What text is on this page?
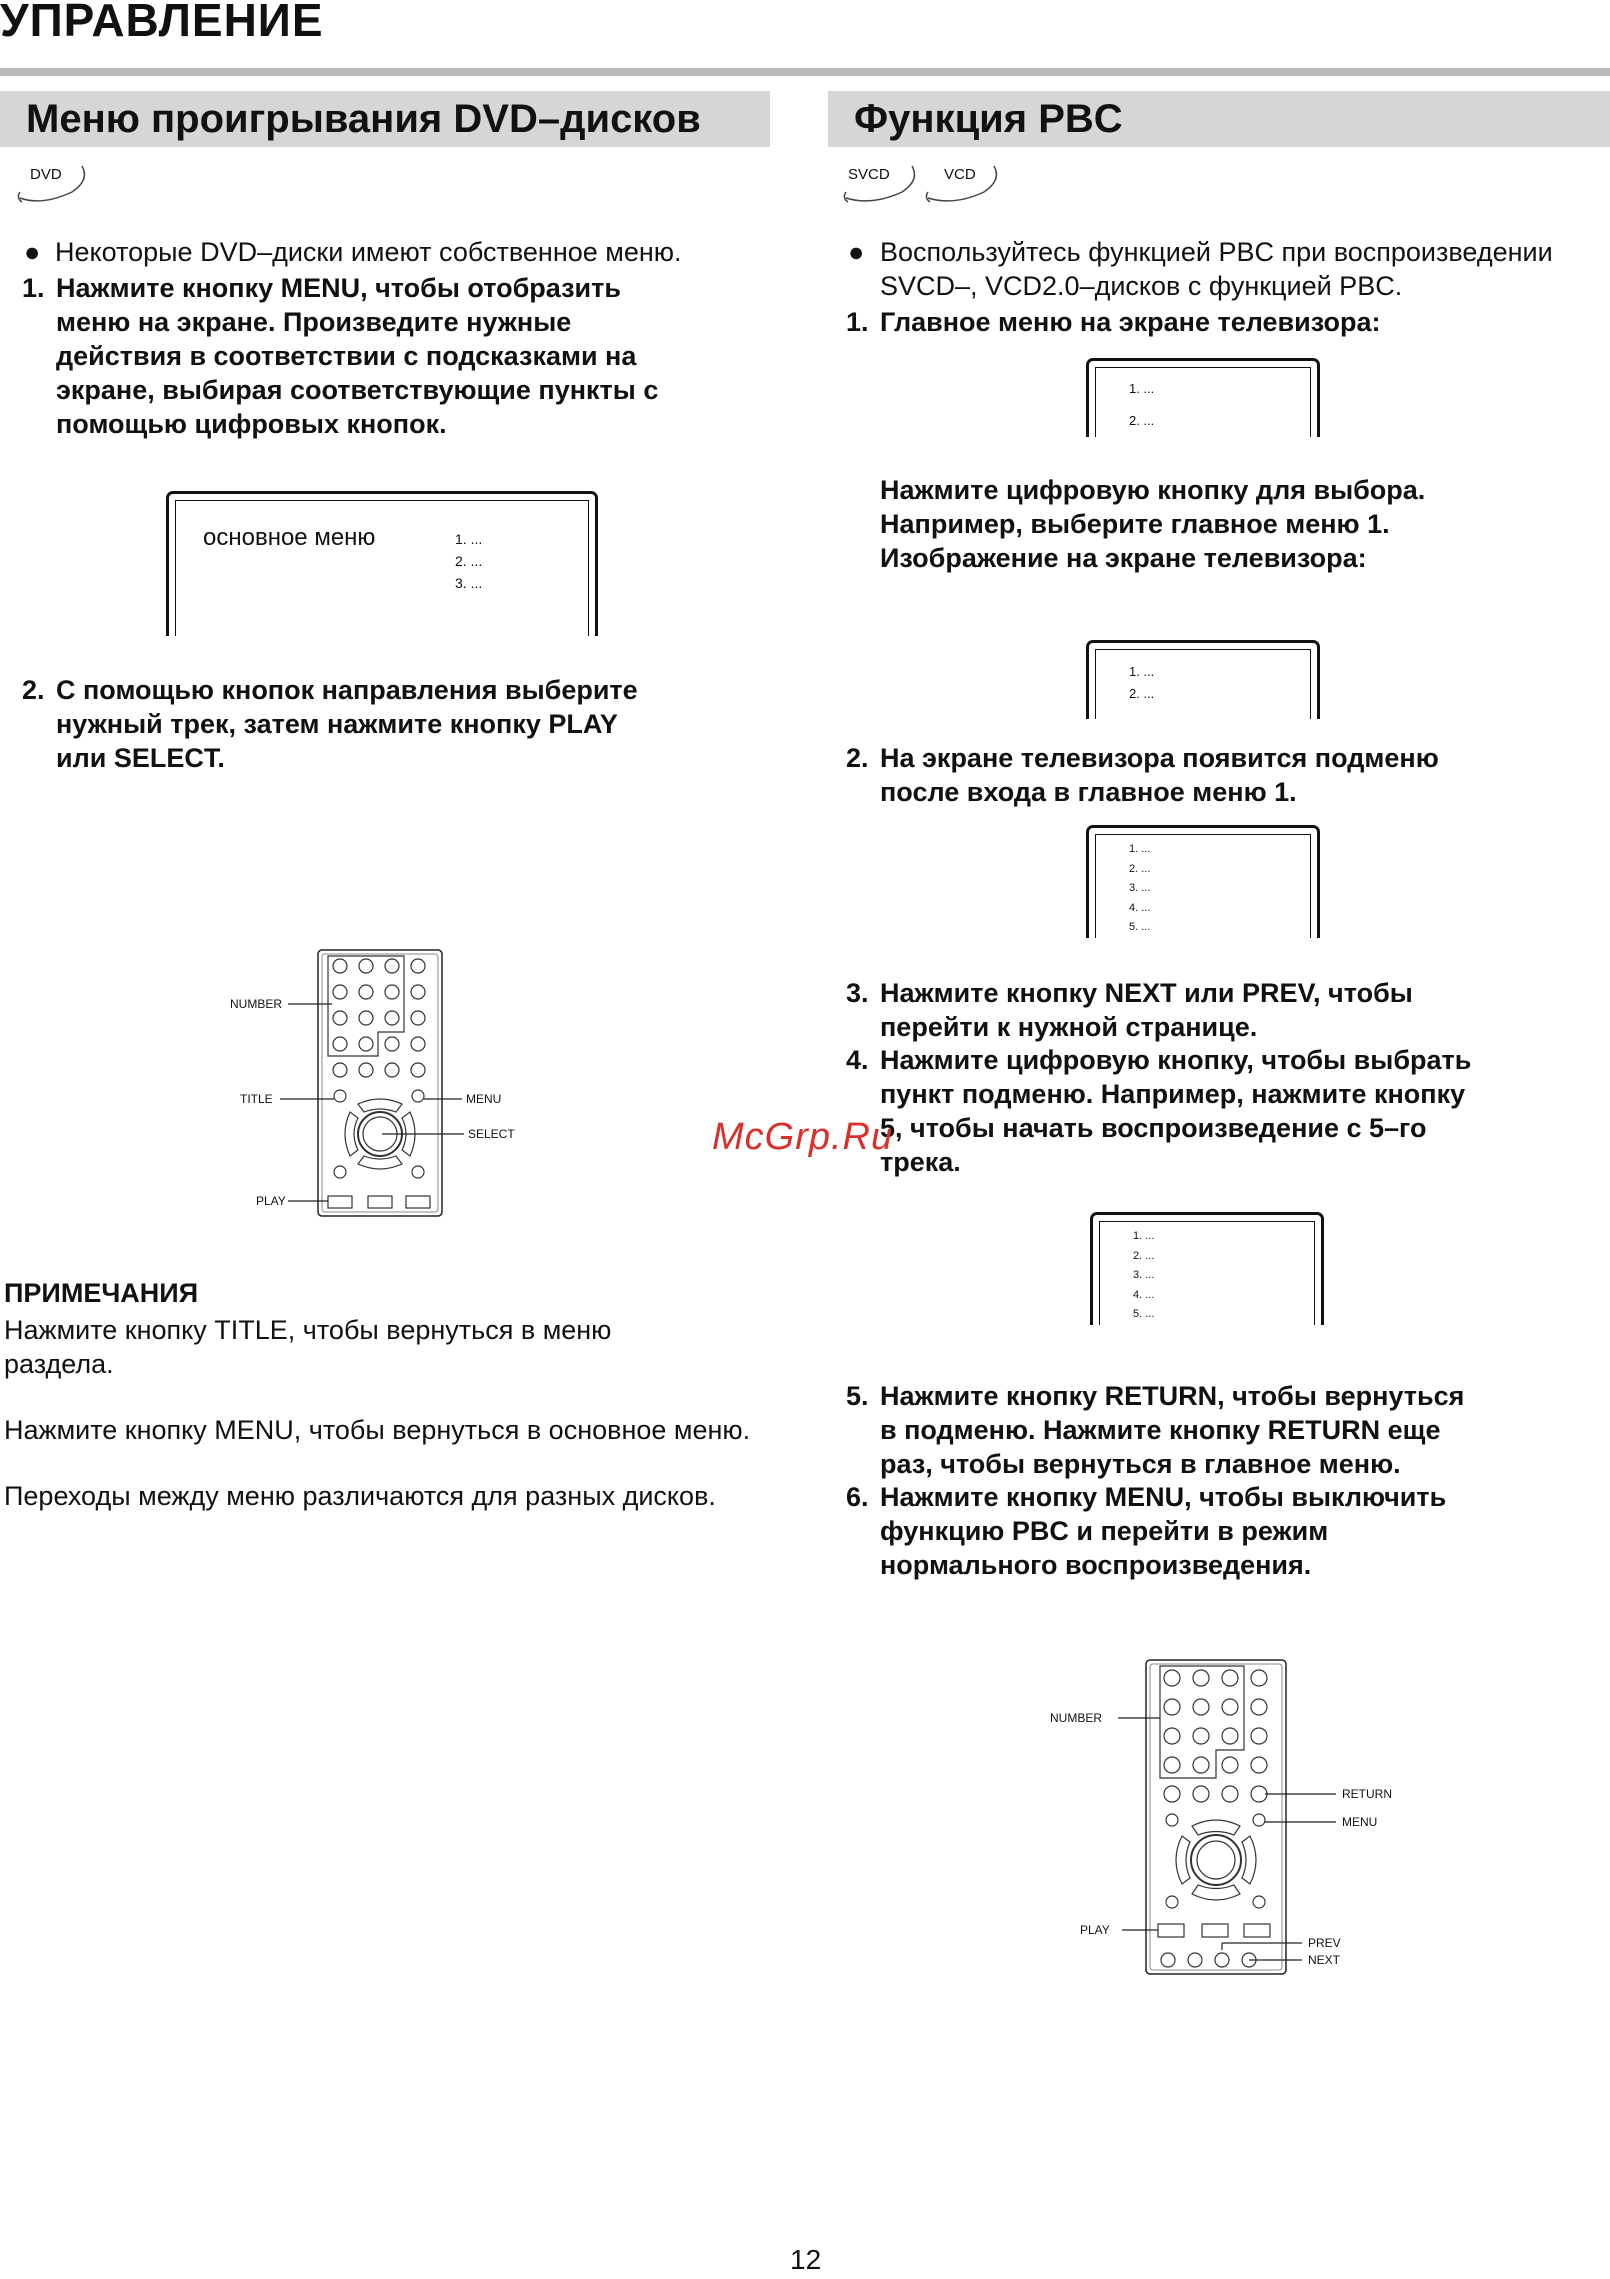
УПРАВЛЕНИЕ
Меню проигрывания DVD–дисков
DVD
● Некоторые DVD–диски имеют собственное меню.
1. Нажмите кнопку MENU, чтобы отобразить
меню на экране. Произведите нужные
действия в соответствии с подсказками на
экране, выбирая соответствующие пункты с
помощью цифровых кнопок.
основное меню	1. ...
2. ...
3. ...
2. С помощью кнопок направления выберите
нужный трек, затем нажмите кнопку PLAY
или SELECT.
NUMBER
TITLE	MENU
SELECT
PLAY
ПРИМЕЧАНИЯ
Нажмите кнопку TITLE, чтобы вернуться в меню
раздела.
Нажмите кнопку MENU, чтобы вернуться в основное меню.
Переходы между меню различаются для разных дисков.
Функция PBC
SVCD	VCD
● Воспользуйтесь функцией PBC при воспроизведении
SVCD–, VCD2.0–дисков с функцией PBC.
1. Главное меню на экране телевизора:
1. ...
2. ...
Нажмите цифровую кнопку для выбора.
Например, выберите главное меню 1.
Изображение на экране телевизора:
1. ...
2. ...
2. На экране телевизора появится подменю
после входа в главное меню 1.
1. ...
2. ...
3. ...
4. ...
5. ...
3. Нажмите кнопку NEXT или PREV, чтобы
перейти к нужной странице.
4. Нажмите цифровую кнопку, чтобы выбрать
пункт подменю. Например, нажмите кнопку
5, чтобы начать воспроизведение с 5–го
трека.
1. ...
2. ...
3. ...
4. ...
5. ...
5. Нажмите кнопку RETURN, чтобы вернуться
в подменю. Нажмите кнопку RETURN еще
раз, чтобы вернуться в главное меню.
6. Нажмите кнопку MENU, чтобы выключить
функцию PBC и перейти в режим
нормального воспроизведения.
NUMBER
RETURN
MENU
PLAY
PREV
NEXT
McGrp.Ru
12
